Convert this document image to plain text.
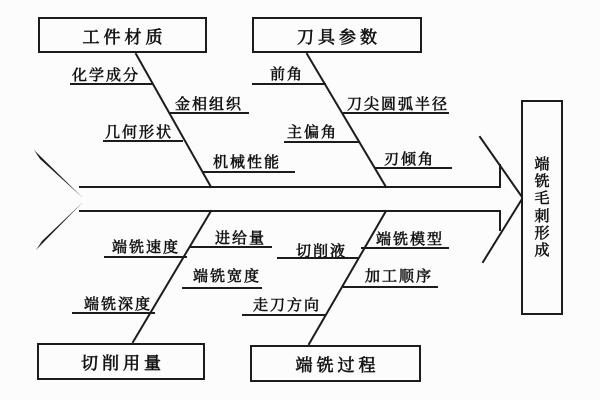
工件材质	刀具参数
切削用量	端铣过程
端铣毛刺形成
化学成分
金相组织
几何形状
机械性能
前角
刀尖圆弧半径
主偏角
刃倾角
端铣速度
进给量
端铣宽度
端铣深度
切削液
端铣模型
加工顺序
走刀方向
